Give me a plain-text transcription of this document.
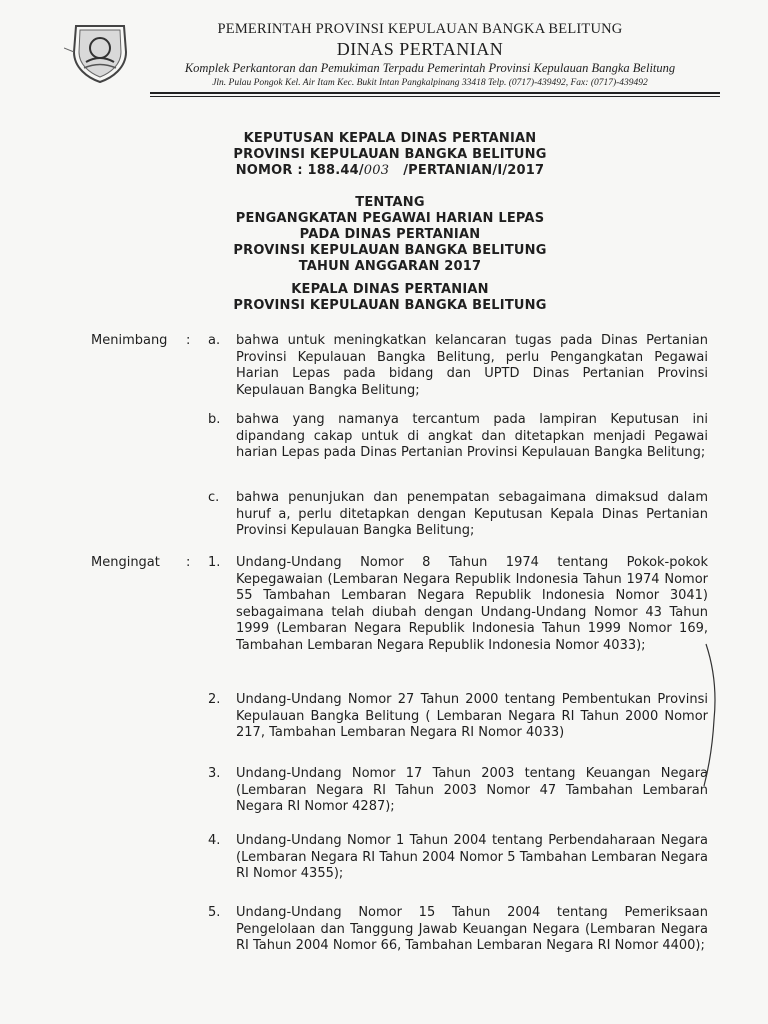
PEMERINTAH PROVINSI KEPULAUAN BANGKA BELITUNG
DINAS PERTANIAN
Komplek Perkantoran dan Pemukiman Terpadu Pemerintah Provinsi Kepulauan Bangka Belitung
Jln. Pulau Pongok Kel. Air Itam Kec. Bukit Intan Pangkalpinang 33418 Telp. (0717)-439492, Fax: (0717)-439492
KEPUTUSAN KEPALA DINAS PERTANIAN
PROVINSI KEPULAUAN BANGKA BELITUNG
NOMOR : 188.44/003 /PERTANIAN/I/2017
TENTANG
PENGANGKATAN PEGAWAI HARIAN LEPAS
PADA DINAS PERTANIAN
PROVINSI KEPULAUAN BANGKA BELITUNG
TAHUN ANGGARAN 2017
KEPALA DINAS PERTANIAN
PROVINSI KEPULAUAN BANGKA BELITUNG
Menimbang : a. bahwa untuk meningkatkan kelancaran tugas pada Dinas Pertanian Provinsi Kepulauan Bangka Belitung, perlu Pengangkatan Pegawai Harian Lepas pada bidang dan UPTD Dinas Pertanian Provinsi Kepulauan Bangka Belitung;
b. bahwa yang namanya tercantum pada lampiran Keputusan ini dipandang cakap untuk di angkat dan ditetapkan menjadi Pegawai harian Lepas pada Dinas Pertanian Provinsi Kepulauan Bangka Belitung;
c. bahwa penunjukan dan penempatan sebagaimana dimaksud dalam huruf a, perlu ditetapkan dengan Keputusan Kepala Dinas Pertanian Provinsi Kepulauan Bangka Belitung;
Mengingat : 1. Undang-Undang Nomor 8 Tahun 1974 tentang Pokok-pokok Kepegawaian (Lembaran Negara Republik Indonesia Tahun 1974 Nomor 55 Tambahan Lembaran Negara Republik Indonesia Nomor 3041) sebagaimana telah diubah dengan Undang-Undang Nomor 43 Tahun 1999 (Lembaran Negara Republik Indonesia Tahun 1999 Nomor 169, Tambahan Lembaran Negara Republik Indonesia Nomor 4033);
2. Undang-Undang Nomor 27 Tahun 2000 tentang Pembentukan Provinsi Kepulauan Bangka Belitung ( Lembaran Negara RI Tahun 2000 Nomor 217, Tambahan Lembaran Negara RI Nomor 4033)
3. Undang-Undang Nomor 17 Tahun 2003 tentang Keuangan Negara (Lembaran Negara RI Tahun 2003 Nomor 47 Tambahan Lembaran Negara RI Nomor 4287);
4. Undang-Undang Nomor 1 Tahun 2004 tentang Perbendaharaan Negara (Lembaran Negara RI Tahun 2004 Nomor 5 Tambahan Lembaran Negara RI Nomor 4355);
5. Undang-Undang Nomor 15 Tahun 2004 tentang Pemeriksaan Pengelolaan dan Tanggung Jawab Keuangan Negara (Lembaran Negara RI Tahun 2004 Nomor 66, Tambahan Lembaran Negara RI Nomor 4400);
